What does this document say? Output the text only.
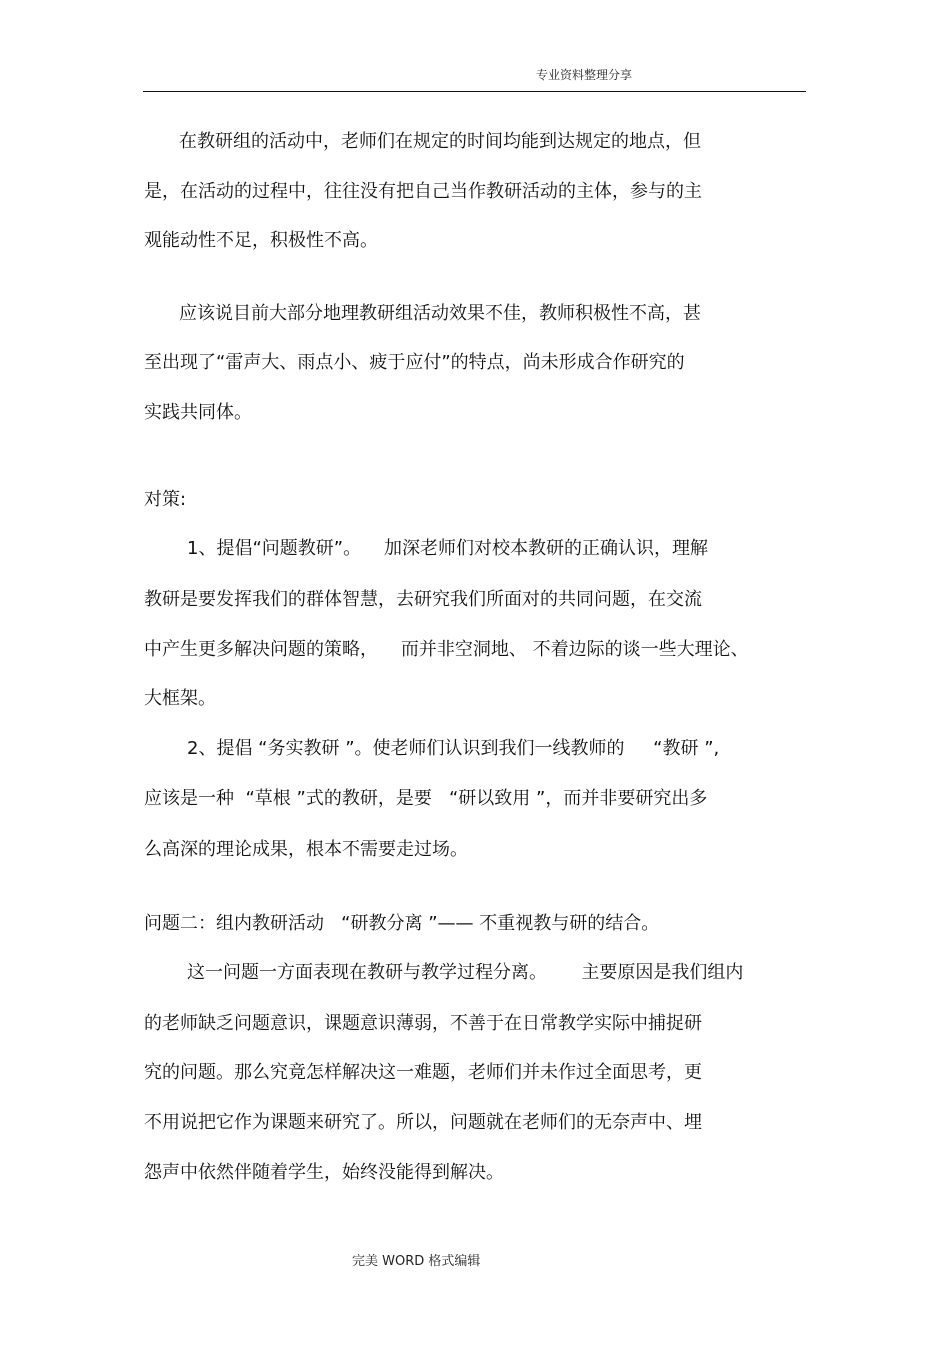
专业资料整理分享
在教研组的活动中，老师们在规定的时间均能到达规定的地点，但
是，在活动的过程中，往往没有把自己当作教研活动的主体，参与的主
观能动性不足，积极性不高。
应该说目前大部分地理教研组活动效果不佳，教师积极性不高，甚
至出现了“雷声大、雨点小、疲于应付”的特点，尚未形成合作研究的
实践共同体。
对策:
1、提倡“问题教研”。    加深老师们对校本教研的正确认识，理解
教研是要发挥我们的群体智慧，去研究我们所面对的共同问题，在交流
中产生更多解决问题的策略，    而并非空洞地、 不着边际的谈一些大理论、
大框架。
2、提倡 “务实教研 ”。使老师们认识到我们一线教师的     “教研 ”,
应该是一种  “草根 ”式的教研，是要   “研以致用 ”，而并非要研究出多
么高深的理论成果，根本不需要走过场。
问题二：组内教研活动   “研教分离 ”—— 不重视教与研的结合。
这一问题一方面表现在教研与教学过程分离。      主要原因是我们组内
的老师缺乏问题意识，课题意识薄弱，不善于在日常教学实际中捕捉研
究的问题。那么究竟怎样解决这一难题，老师们并未作过全面思考，更
不用说把它作为课题来研究了。所以，问题就在老师们的无奈声中、埋
怨声中依然伴随着学生，始终没能得到解决。
完美 WORD 格式编辑
